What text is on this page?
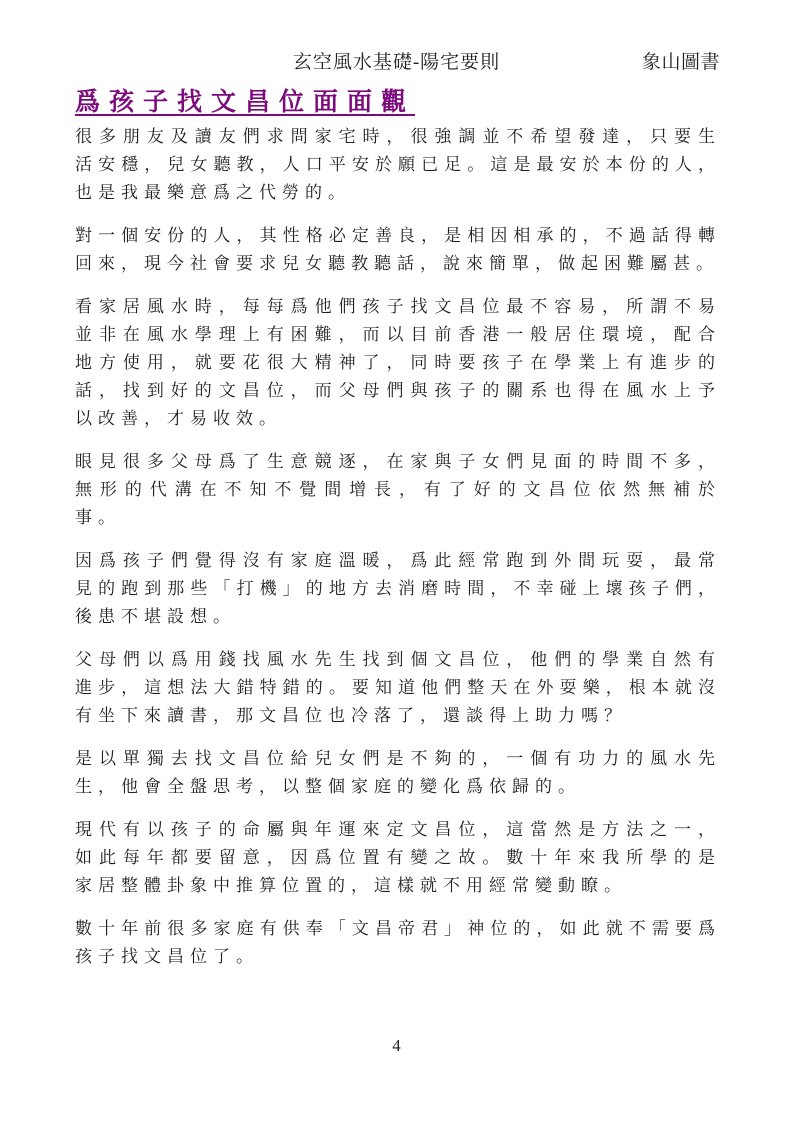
玄空風水基礎-陽宅要則	象山圖書
爲孩子找文昌位面面觀
很多朋友及讀友們求問家宅時，很強調並不希望發達，只要生
活安穩，兒女聽教，人口平安於願已足。這是最安於本份的人，
也是我最樂意爲之代勞的。
對一個安份的人，其性格必定善良，是相因相承的，不過話得轉
回來，現今社會要求兒女聽教聽話，說來簡單，做起困難屬甚。
看家居風水時，每每爲他們孩子找文昌位最不容易，所謂不易
並非在風水學理上有困難，而以目前香港一般居住環境，配合
地方使用，就要花很大精神了，同時要孩子在學業上有進步的
話，找到好的文昌位，而父母們與孩子的關系也得在風水上予
以改善，才易收效。
眼見很多父母爲了生意競逐，在家與子女們見面的時間不多，
無形的代溝在不知不覺間增長，有了好的文昌位依然無補於
事。
因爲孩子們覺得沒有家庭溫暖，爲此經常跑到外間玩耍，最常
見的跑到那些「打機」的地方去消磨時間，不幸碰上壞孩子們，
後患不堪設想。
父母們以爲用錢找風水先生找到個文昌位，他們的學業自然有
進步，這想法大錯特錯的。要知道他們整天在外耍樂，根本就沒
有坐下來讀書，那文昌位也冷落了，還談得上助力嗎？
是以單獨去找文昌位給兒女們是不夠的，一個有功力的風水先
生，他會全盤思考，以整個家庭的變化爲依歸的。
現代有以孩子的命屬與年運來定文昌位，這當然是方法之一，
如此每年都要留意，因爲位置有變之故。數十年來我所學的是
家居整體卦象中推算位置的，這樣就不用經常變動瞭。
數十年前很多家庭有供奉「文昌帝君」神位的，如此就不需要爲
孩子找文昌位了。
4
